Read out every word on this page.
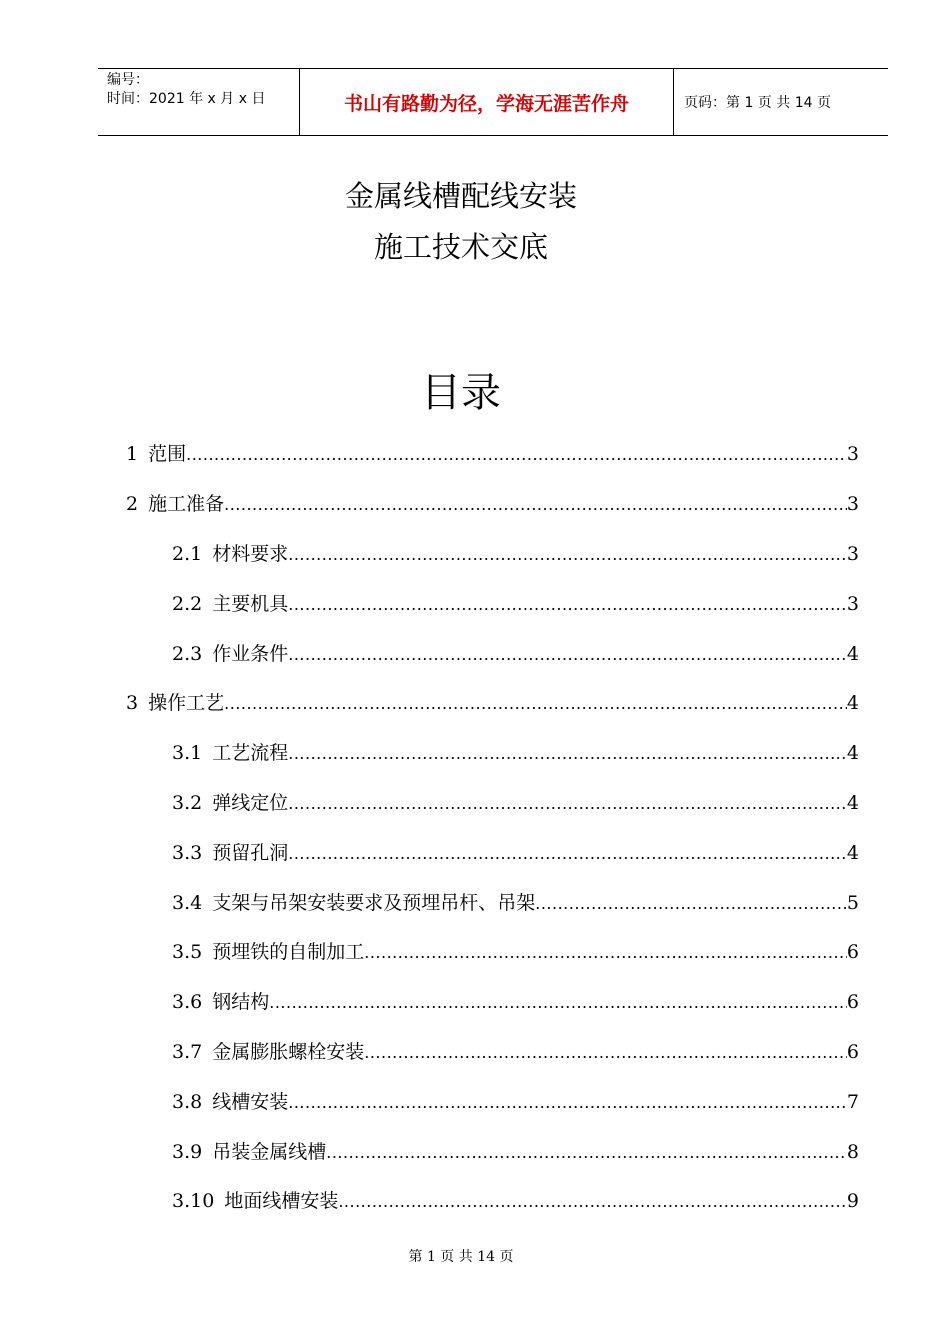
编号：
时间：2021 年 x 月 x 日	书山有路勤为径，学海无涯苦作舟	页码：第 1 页 共 14 页
金属线槽配线安装
施工技术交底
目录
1 范围 .....	3
2 施工准备 .....	3
2.1 材料要求 .....	3
2.2 主要机具 .....	3
2.3 作业条件 .....	4
3 操作工艺 .....	4
3.1 工艺流程 .....	4
3.2 弹线定位 .....	4
3.3 预留孔洞 .....	4
3.4 支架与吊架安装要求及预埋吊杆、吊架 .....	5
3.5 预埋铁的自制加工 .....	6
3.6 钢结构 .....	6
3.7 金属膨胀螺栓安装 .....	6
3.8 线槽安装 .....	7
3.9 吊装金属线槽 .....	8
3.10 地面线槽安装 .....	9
第 1 页 共 14 页
